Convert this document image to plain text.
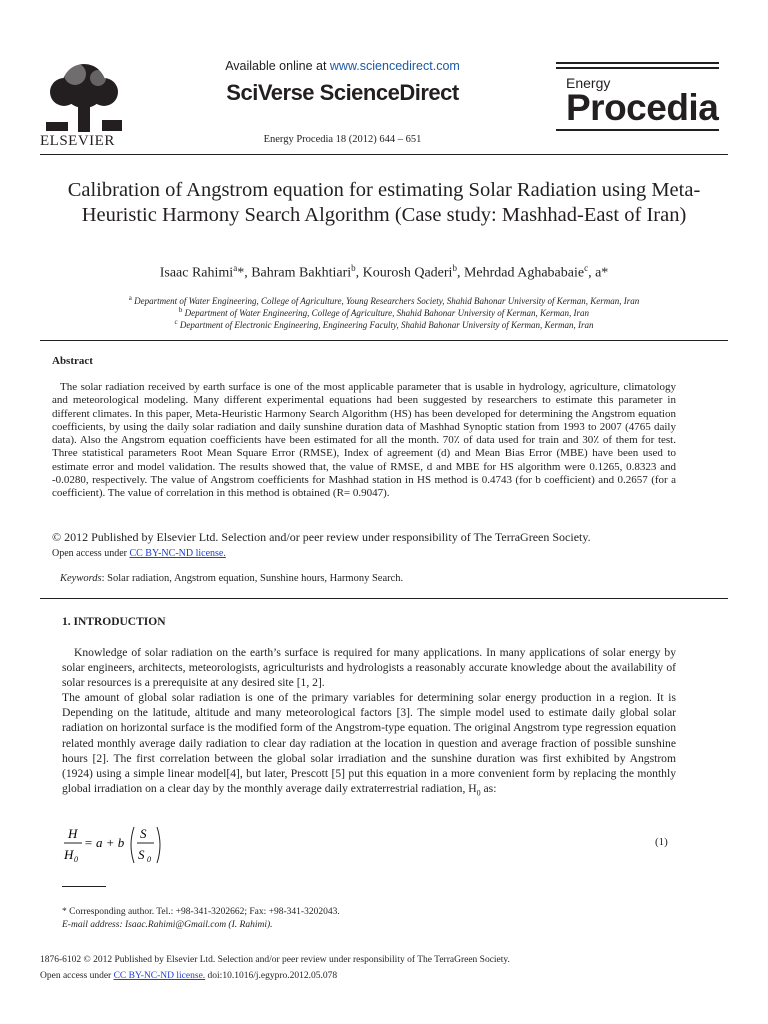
ELSEVIER
Available online at www.sciencedirect.com
SciVerse ScienceDirect
Energy Procedia 18 (2012) 644 – 651
Energy
Procedia
Calibration of Angstrom equation for estimating Solar Radiation using Meta-Heuristic Harmony Search Algorithm (Case study: Mashhad-East of Iran)
Isaac Rahimi$^a$*, Bahram Bakhtiari$^b$, Kourosh Qaderi$^b$, Mehrdad Aghababaie$^c$, a*
$^a$ Department of Water Engineering, College of Agriculture, Young Researchers Society, Shahid Bahonar University of Kerman, Kerman, Iran
$^b$ Department of Water Engineering, College of Agriculture, Shahid Bahonar University of Kerman, Kerman, Iran
$^c$ Department of Electronic Engineering, Engineering Faculty, Shahid Bahonar University of Kerman, Kerman, Iran
Abstract
The solar radiation received by earth surface is one of the most applicable parameter that is usable in hydrology, agriculture, climatology and meteorological modeling. Many different experimental equations had been suggested by researchers to estimate this parameter in different climates. In this paper, Meta-Heuristic Harmony Search Algorithm (HS) has been developed for determining the Angstrom equation coefficients, by using the daily solar radiation and daily sunshine duration data of Mashhad Synoptic station from 1993 to 2007 (4765 daily data). Also the Angstrom equation coefficients have been estimated for all the month. 70٪ of data used for train and 30٪ of them for test. Three statistical parameters Root Mean Square Error (RMSE), Index of agreement (d) and Mean Bias Error (MBE) have been used to estimate error and model validation. The results showed that, the value of RMSE, d and MBE for HS algorithm were 0.1265, 0.8323 and -0.0280, respectively. The value of Angstrom coefficients for Mashhad station in HS method is 0.4743 (for b coefficient) and 0.2657 (for a coefficient). The value of correlation in this method is obtained (R= 0.9047).
© 2012 Published by Elsevier Ltd. Selection and/or peer review under responsibility of The TerraGreen Society.
Open access under CC BY-NC-ND license.
Keywords: Solar radiation, Angstrom equation, Sunshine hours, Harmony Search.
1. INTRODUCTION
Knowledge of solar radiation on the earth’s surface is required for many applications. In many applications of solar energy by solar engineers, architects, meteorologists, agriculturists and hydrologists a reasonably accurate knowledge about the availability of solar resources is a prerequisite at any desired site [1, 2].
The amount of global solar radiation is one of the primary variables for determining solar energy production in a region. It is Depending on the latitude, altitude and many meteorological factors [3]. The simple model used to estimate daily global solar radiation on horizontal surface is the modified form of the Angstrom-type equation. The original Angstrom type regression equation related monthly average daily radiation to clear day radiation at the location in question and average fraction of possible sunshine hours [2]. The first correlation between the global solar irradiation and the sunshine duration was first exhibited by Angstrom (1924) using a simple linear model[4], but later, Prescott [5] put this equation in a more convenient form by replacing the monthly global irradiation on a clear day by the monthly average daily extraterrestrial radiation, $H_0$ as:
H
H 0
= a + b
S
S 0
(1)
* Corresponding author. Tel.: +98-341-3202662; Fax: +98-341-3202043.
E-mail address: Isaac.Rahimi@Gmail.com (I. Rahimi).
1876-6102 © 2012 Published by Elsevier Ltd. Selection and/or peer review under responsibility of The TerraGreen Society.
Open access under CC BY-NC-ND license. doi:10.1016/j.egypro.2012.05.078
